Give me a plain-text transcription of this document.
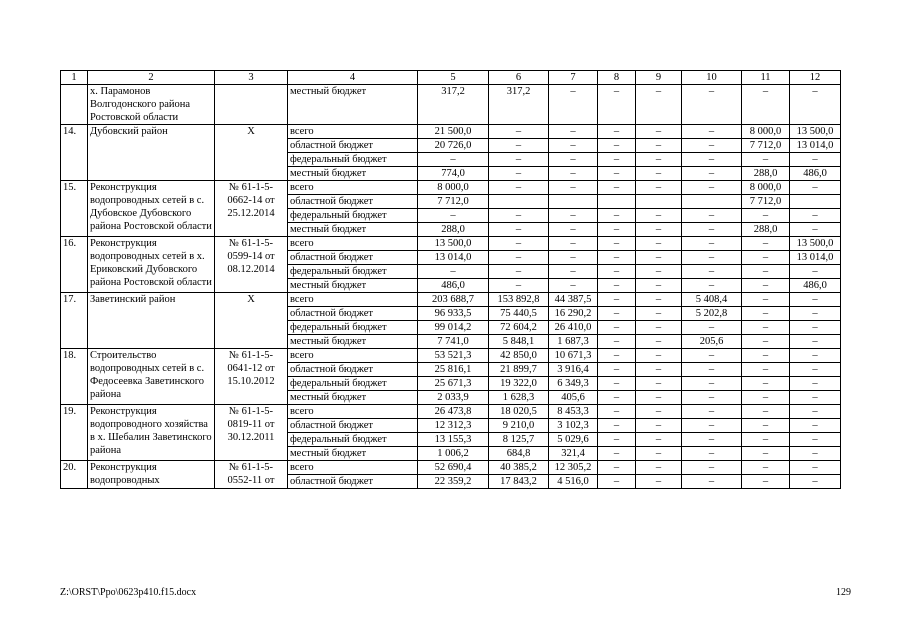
1	2	3	4	5	6	7	8	9	10	11	12
	х. Парамонов Волгодонского района Ростовской области		местный бюджет	317,2	317,2	–	–	–	–	–	–
14.	Дубовский район	Х	всего	21 500,0	–	–	–	–	–	8 000,0	13 500,0
			областной бюджет	20 726,0	–	–	–	–	–	7 712,0	13 014,0
			федеральный бюджет	–	–	–	–	–	–	–	–
			местный бюджет	774,0	–	–	–	–	–	288,0	486,0
15.	Реконструкция водопроводных сетей в с. Дубовское Дубовского района Ростовской области	№ 61-1-5-0662-14 от 25.12.2014	всего	8 000,0	–	–	–	–	–	8 000,0	–
			областной бюджет	7 712,0						7 712,0	
			федеральный бюджет	–	–	–	–	–	–	–	–
			местный бюджет	288,0	–	–	–	–	–	288,0	–
16.	Реконструкция водопроводных сетей в х. Ериковский Дубовского района Ростовской области	№ 61-1-5-0599-14 от 08.12.2014	всего	13 500,0	–	–	–	–	–	–	13 500,0
			областной бюджет	13 014,0	–	–	–	–	–	–	13 014,0
			федеральный бюджет	–	–	–	–	–	–	–	–
			местный бюджет	486,0	–	–	–	–	–	–	486,0
17.	Заветинский район	Х	всего	203 688,7	153 892,8	44 387,5	–	–	5 408,4	–	–
			областной бюджет	96 933,5	75 440,5	16 290,2	–	–	5 202,8	–	–
			федеральный бюджет	99 014,2	72 604,2	26 410,0	–	–	–	–	–
			местный бюджет	7 741,0	5 848,1	1 687,3	–	–	205,6	–	–
18.	Строительство водопроводных сетей в с. Федосеевка Заветинского района	№ 61-1-5-0641-12 от 15.10.2012	всего	53 521,3	42 850,0	10 671,3	–	–	–	–	–
			областной бюджет	25 816,1	21 899,7	3 916,4	–	–	–	–	–
			федеральный бюджет	25 671,3	19 322,0	6 349,3	–	–	–	–	–
			местный бюджет	2 033,9	1 628,3	405,6	–	–	–	–	–
19.	Реконструкция водопроводного хозяйства в х. Шебалин Заветинского района	№ 61-1-5-0819-11 от 30.12.2011	всего	26 473,8	18 020,5	8 453,3	–	–	–	–	–
			областной бюджет	12 312,3	9 210,0	3 102,3	–	–	–	–	–
			федеральный бюджет	13 155,3	8 125,7	5 029,6	–	–	–	–	–
			местный бюджет	1 006,2	684,8	321,4	–	–	–	–	–
20.	Реконструкция водопроводных	№ 61-1-5-0552-11 от	всего	52 690,4	40 385,2	12 305,2	–	–	–	–	–
			областной бюджет	22 359,2	17 843,2	4 516,0	–	–	–	–	–
Z:\ORST\Ppo\0623p410.f15.docx	129
